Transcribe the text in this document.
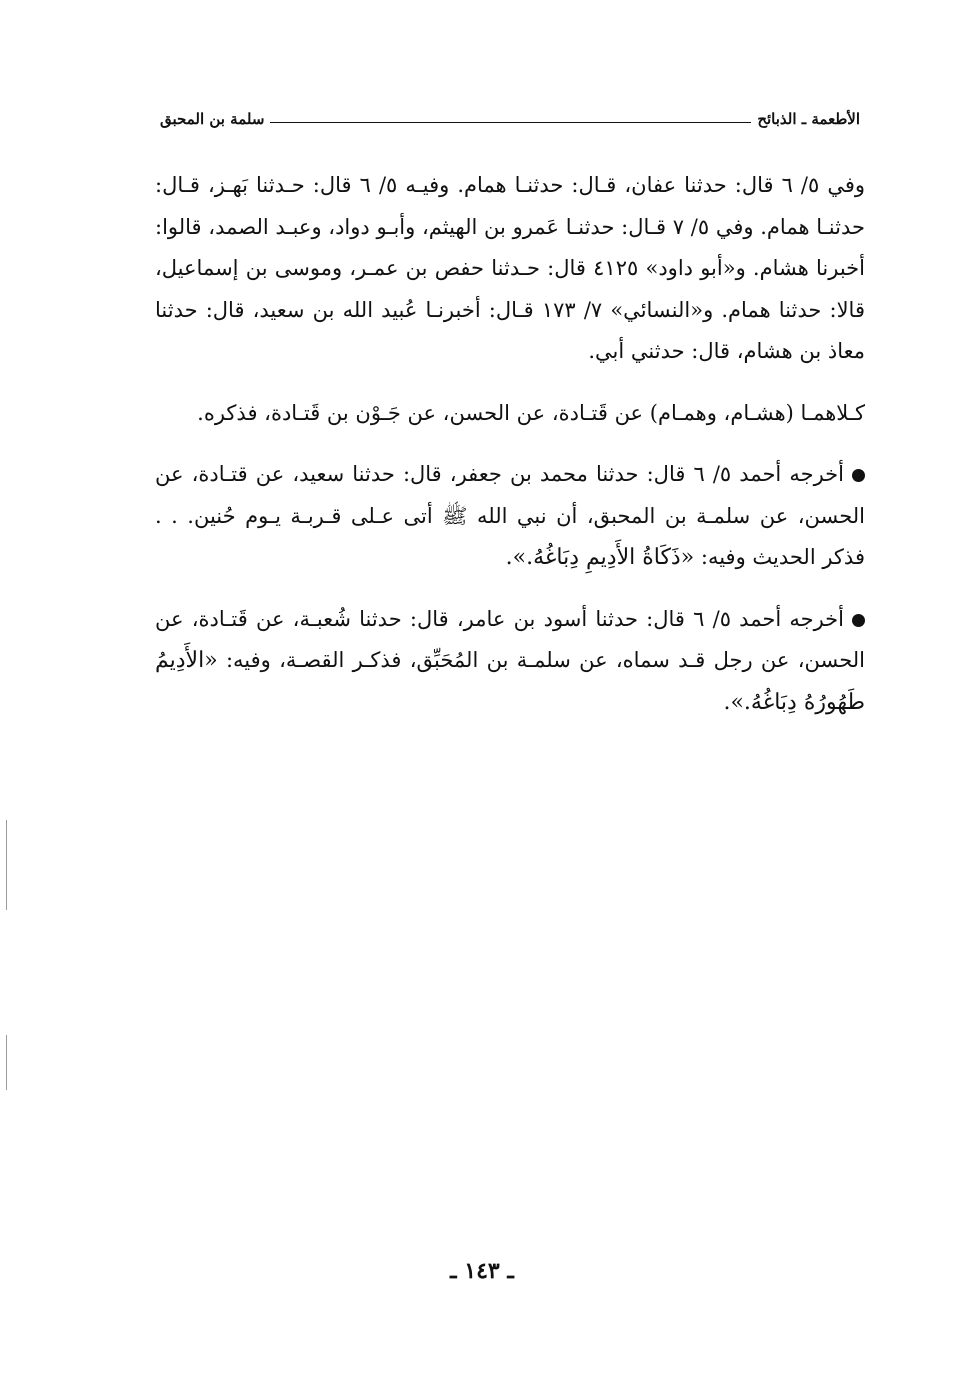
سلمة بن المحبق	الأطعمة ـ الذبائح

وفي ٥/ ٦ قال: حدثنا عفان، قـال: حدثنـا همام. وفيـه ٥/ ٦ قال: حـدثنا بَهـز، قـال: حدثنـا همام. وفي ٥/ ٧ قـال: حدثنـا عَمرو بن الهيثم، وأبـو دواد، وعبـد الصمد، قالوا: أخبرنا هشام. و«أبو داود» ٤١٢٥ قال: حـدثنا حفص بن عمـر، وموسى بن إسماعيل، قالا: حدثنا همام. و«النسائي» ٧/ ١٧٣ قـال: أخبرنـا عُبيد الله بن سعيد، قال: حدثنا معاذ بن هشام، قال: حدثني أبي.

كـلاهمـا (هشـام، وهمـام) عن قَتـادة، عن الحسن، عن جَـوْن بن قَتـادة، فذكره.

أخرجه أحمد ٥/ ٦ قال: حدثنا محمد بن جعفر، قال: حدثنا سعيد، عن قتـادة، عن الحسن، عن سلمـة بن المحبق، أن نبي الله ﷺ أتى عـلى قـربـة يـوم حُنين. . . فذكر الحديث وفيه: «ذَكَاةُ الأَدِيمِ دِبَاغُهُ.».

أخرجه أحمد ٥/ ٦ قال: حدثنا أسود بن عامر، قال: حدثنا شُعبـة، عن قَتـادة، عن الحسن، عن رجل قـد سماه، عن سلمـة بن المُحَبِّق، فذكـر القصـة، وفيه: «الأَدِيمُ طَهُورُهُ دِبَاغُهُ.».

ـ ١٤٣ ـ
